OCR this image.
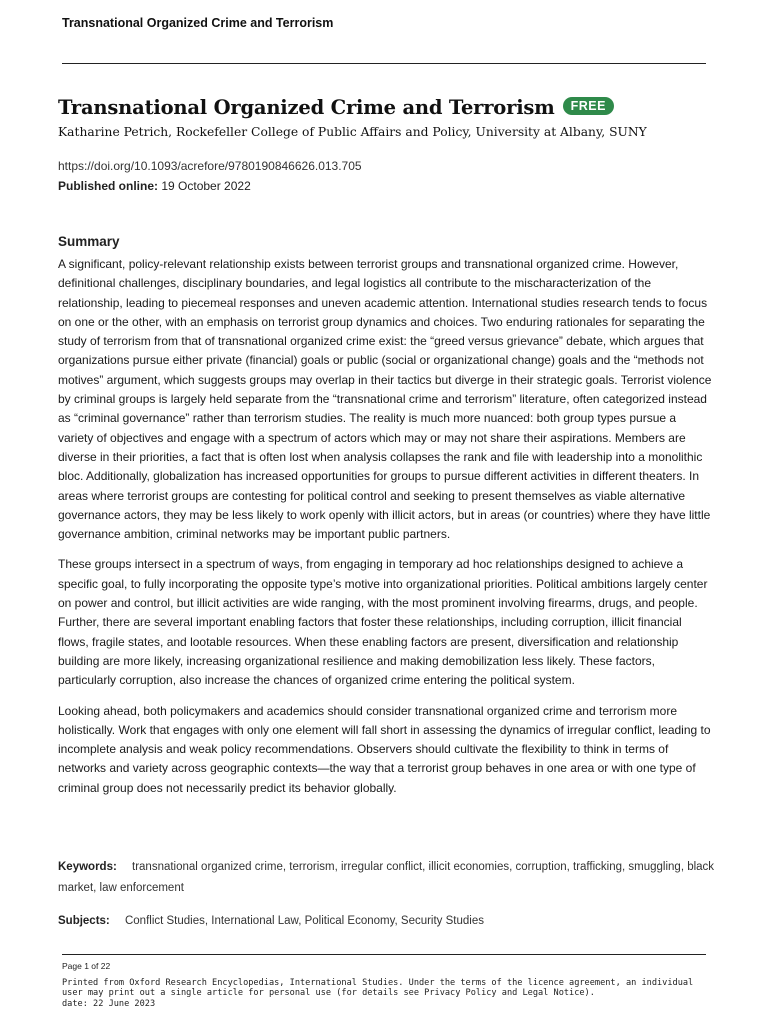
Transnational Organized Crime and Terrorism
Transnational Organized Crime and Terrorism	FREE
Katharine Petrich, Rockefeller College of Public Affairs and Policy, University at Albany, SUNY
https://doi.org/10.1093/acrefore/9780190846626.013.705
Published online: 19 October 2022
Summary

A significant, policy-relevant relationship exists between terrorist groups and transnational organized crime. However, definitional challenges, disciplinary boundaries, and legal logistics all contribute to the mischaracterization of the relationship, leading to piecemeal responses and uneven academic attention. International studies research tends to focus on one or the other, with an emphasis on terrorist group dynamics and choices. Two enduring rationales for separating the study of terrorism from that of transnational organized crime exist: the “greed versus grievance” debate, which argues that organizations pursue either private (financial) goals or public (social or organizational change) goals and the “methods not motives” argument, which suggests groups may overlap in their tactics but diverge in their strategic goals. Terrorist violence by criminal groups is largely held separate from the “transnational crime and terrorism” literature, often categorized instead as “criminal governance” rather than terrorism studies. The reality is much more nuanced: both group types pursue a variety of objectives and engage with a spectrum of actors which may or may not share their aspirations. Members are diverse in their priorities, a fact that is often lost when analysis collapses the rank and file with leadership into a monolithic bloc. Additionally, globalization has increased opportunities for groups to pursue different activities in different theaters. In areas where terrorist groups are contesting for political control and seeking to present themselves as viable alternative governance actors, they may be less likely to work openly with illicit actors, but in areas (or countries) where they have little governance ambition, criminal networks may be important public partners.

These groups intersect in a spectrum of ways, from engaging in temporary ad hoc relationships designed to achieve a specific goal, to fully incorporating the opposite type’s motive into organizational priorities. Political ambitions largely center on power and control, but illicit activities are wide ranging, with the most prominent involving firearms, drugs, and people. Further, there are several important enabling factors that foster these relationships, including corruption, illicit financial flows, fragile states, and lootable resources. When these enabling factors are present, diversification and relationship building are more likely, increasing organizational resilience and making demobilization less likely. These factors, particularly corruption, also increase the chances of organized crime entering the political system.

Looking ahead, both policymakers and academics should consider transnational organized crime and terrorism more holistically. Work that engages with only one element will fall short in assessing the dynamics of irregular conflict, leading to incomplete analysis and weak policy recommendations. Observers should cultivate the flexibility to think in terms of networks and variety across geographic contexts—the way that a terrorist group behaves in one area or with one type of criminal group does not necessarily predict its behavior globally.

Keywords: transnational organized crime, terrorism, irregular conflict, illicit economies, corruption, trafficking, smuggling, black market, law enforcement
Subjects: Conflict Studies, International Law, Political Economy, Security Studies
Page 1 of 22
Printed from Oxford Research Encyclopedias, International Studies. Under the terms of the licence agreement, an individual user may print out a single article for personal use (for details see Privacy Policy and Legal Notice).
date: 22 June 2023
